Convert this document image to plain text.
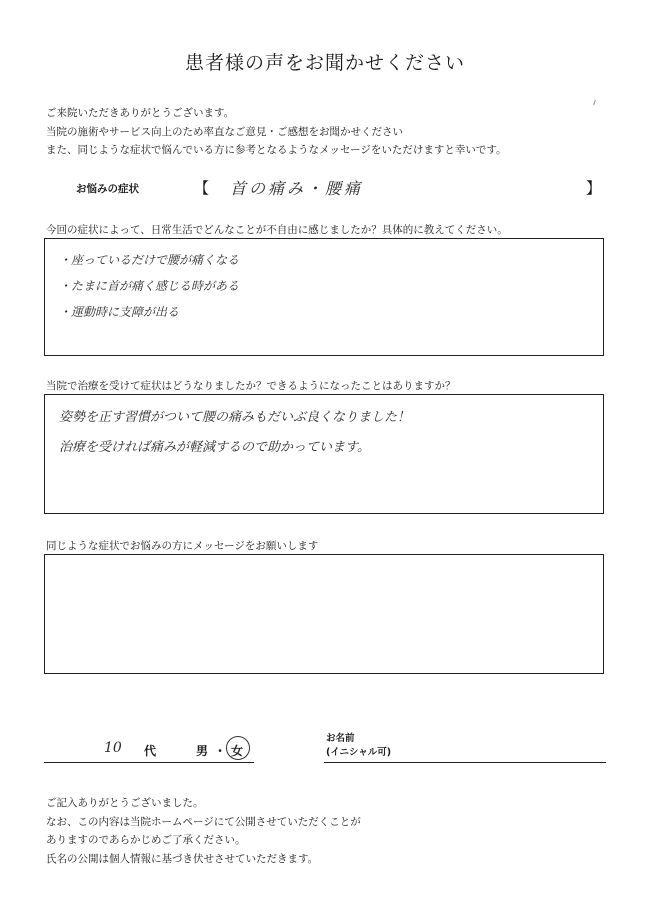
患者様の声をお聞かせください
ご来院いただきありがとうございます。
当院の施術やサービス向上のため率直なご意見・ご感想をお聞かせください
また、同じような症状で悩んでいる方に参考となるようなメッセージをいただけますと幸いです。
お悩みの症状	【 首の痛み・腰痛	】
今回の症状によって、日常生活でどんなことが不自由に感じましたか？具体的に教えてください。
・座っているだけで腰が痛くなる
・たまに首が痛く感じる時がある
・運動時に支障が出る
当院で治療を受けて症状はどうなりましたか？できるようになったことはありますか？
姿勢を正す習慣がついて腰の痛みもだいぶ良くなりました！
治療を受ければ痛みが軽減するので助かっています。
同じような症状でお悩みの方にメッセージをお願いします
10 代	男 ・ 女
お名前
(イニシャル可)
ご記入ありがとうございました。
なお、この内容は当院ホームページにて公開させていただくことが
ありますのであらかじめご了承ください。
氏名の公開は個人情報に基づき伏せさせていただきます。
